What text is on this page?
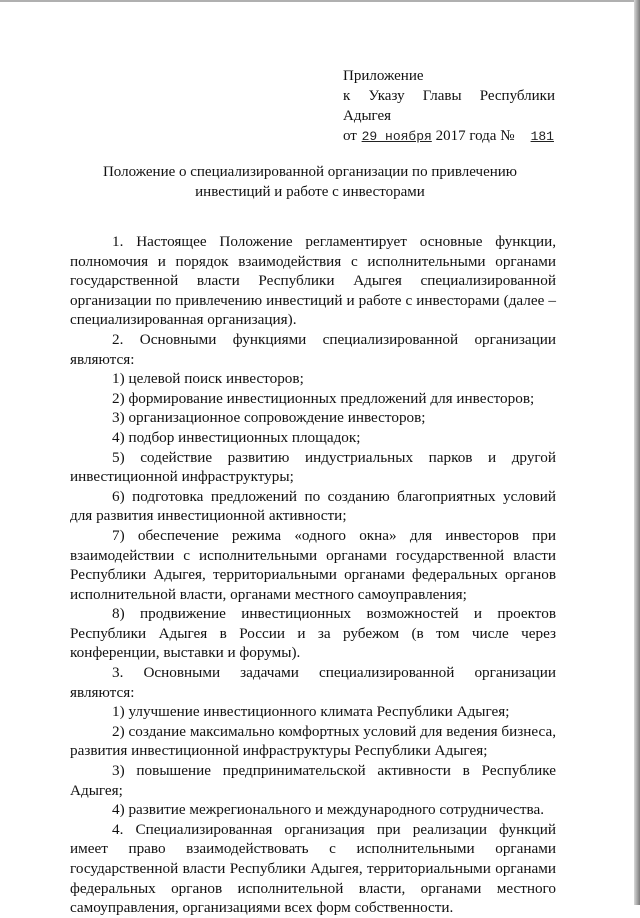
Приложение
к Указу Главы Республики
Адыгея
от 29 ноября 2017 года № 181
Положение о специализированной организации по привлечению
инвестиций и работе с инвесторами

1. Настоящее Положение регламентирует основные функции, полномочия и порядок взаимодействия с исполнительными органами государственной власти Республики Адыгея специализированной организации по привлечению инвестиций и работе с инвесторами (далее – специализированная организация).

2. Основными функциями специализированной организации являются:

1) целевой поиск инвесторов;

2) формирование инвестиционных предложений для инвесторов;

3) организационное сопровождение инвесторов;

4) подбор инвестиционных площадок;

5) содействие развитию индустриальных парков и другой инвестиционной инфраструктуры;

6) подготовка предложений по созданию благоприятных условий для развития инвестиционной активности;

7) обеспечение режима «одного окна» для инвесторов при взаимодействии с исполнительными органами государственной власти Республики Адыгея, территориальными органами федеральных органов исполнительной власти, органами местного самоуправления;

8) продвижение инвестиционных возможностей и проектов Республики Адыгея в России и за рубежом (в том числе через конференции, выставки и форумы).

3. Основными задачами специализированной организации являются:

1) улучшение инвестиционного климата Республики Адыгея;

2) создание максимально комфортных условий для ведения бизнеса, развития инвестиционной инфраструктуры Республики Адыгея;

3) повышение предпринимательской активности в Республике Адыгея;

4) развитие межрегионального и международного сотрудничества.

4. Специализированная организация при реализации функций имеет право взаимодействовать с исполнительными органами государственной власти Республики Адыгея, территориальными органами федеральных органов исполнительной власти, органами местного самоуправления, организациями всех форм собственности.
